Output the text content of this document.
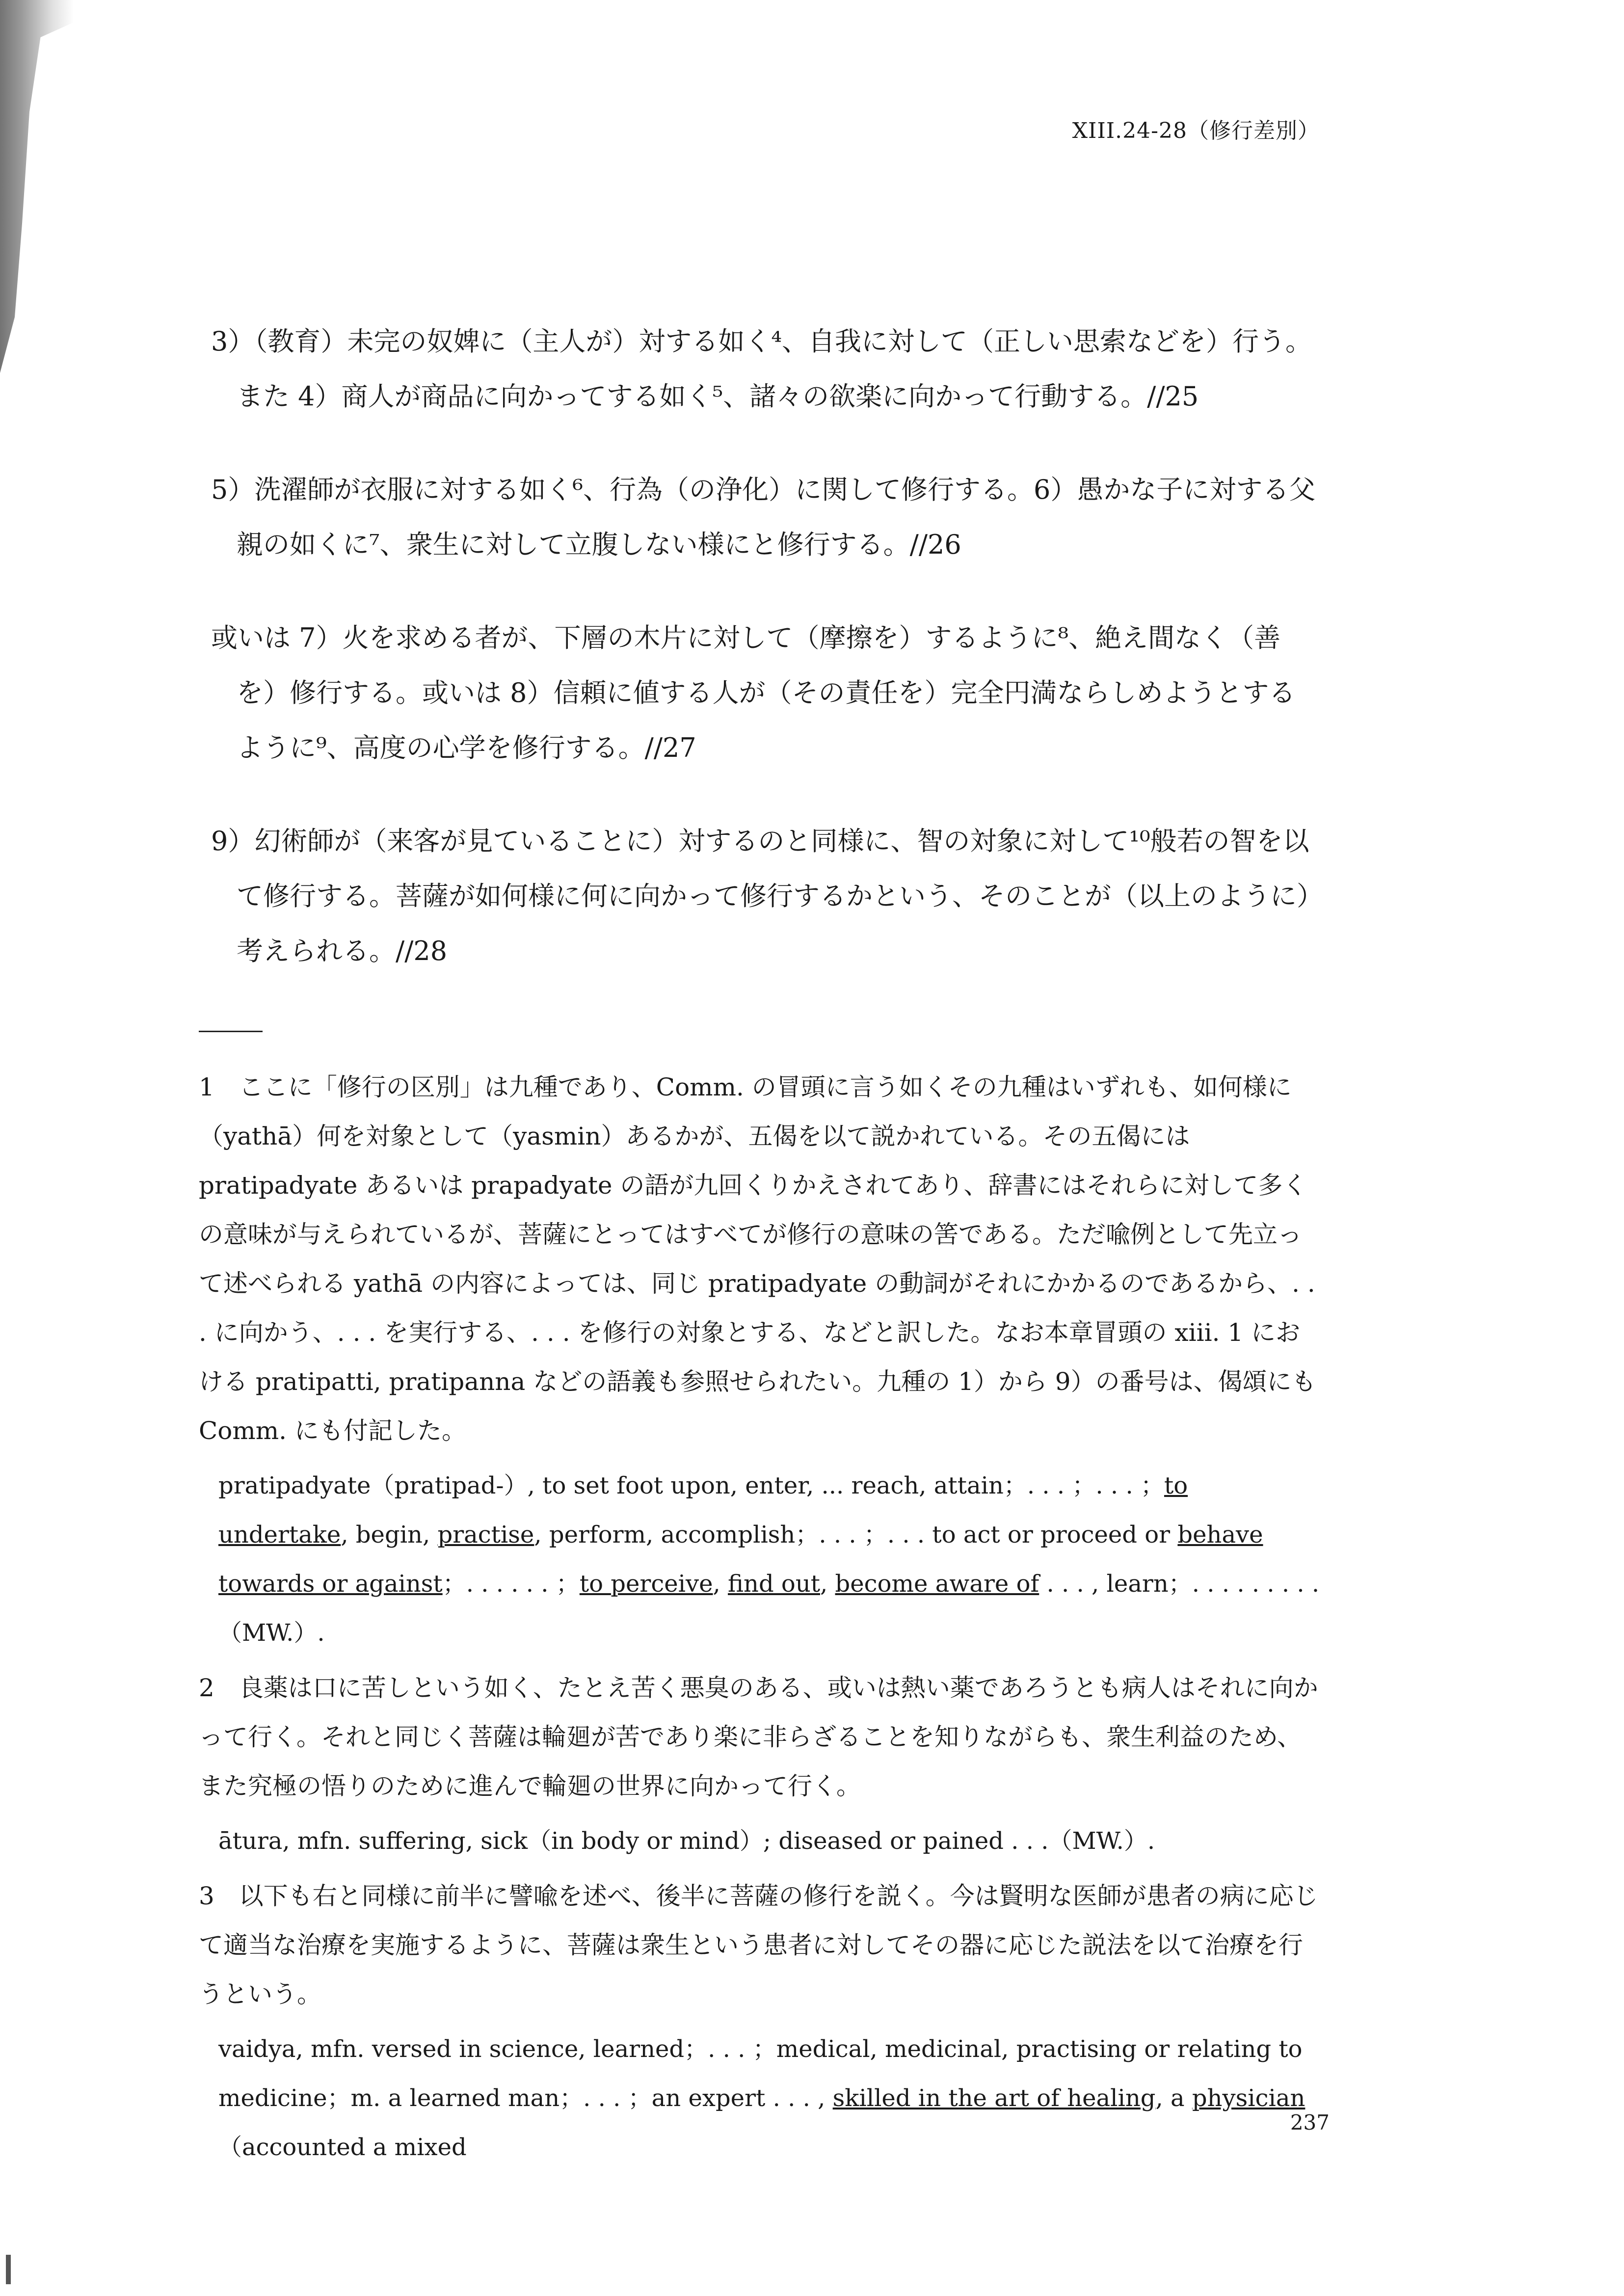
XIII.24-28（修行差別）

3）（教育）未完の奴婢に（主人が）対する如く⁴、自我に対して（正しい思索などを）行う。また 4）商人が商品に向かってする如く⁵、諸々の欲楽に向かって行動する。//25

5）洗濯師が衣服に対する如く⁶、行為（の浄化）に関して修行する。6）愚かな子に対する父親の如くに⁷、衆生に対して立腹しない様にと修行する。//26

或いは 7）火を求める者が、下層の木片に対して（摩擦を）するように⁸、絶え間なく（善を）修行する。或いは 8）信頼に値する人が（その責任を）完全円満ならしめようとするように⁹、高度の心学を修行する。//27

9）幻術師が（来客が見ていることに）対するのと同様に、智の対象に対して¹⁰般若の智を以て修行する。菩薩が如何様に何に向かって修行するかという、そのことが（以上のように）考えられる。//28

1　ここに「修行の区別」は九種であり、Comm. の冒頭に言う如くその九種はいずれも、如何様に（yathā）何を対象として（yasmin）あるかが、五偈を以て説かれている。その五偈には pratipadyate あるいは prapadyate の語が九回くりかえされてあり、辞書にはそれらに対して多くの意味が与えられているが、菩薩にとってはすべてが修行の意味の筈である。ただ喩例として先立って述べられる yathā の内容によっては、同じ pratipadyate の動詞がそれにかかるのであるから、. . . に向かう、. . . を実行する、. . . を修行の対象とする、などと訳した。なお本章冒頭の xiii. 1 における pratipatti, pratipanna などの語義も参照せられたい。九種の 1）から 9）の番号は、偈頌にも Comm. にも付記した。

pratipadyate（pratipad-）, to set foot upon, enter, ... reach, attain；. . . ；. . . ；to undertake, begin, practise, perform, accomplish；. . . ；. . . to act or proceed or behave towards or against；. . . . . . ；to perceive, find out, become aware of . . . , learn；. . . . . . . . .（MW.）.

2　良薬は口に苦しという如く、たとえ苦く悪臭のある、或いは熱い薬であろうとも病人はそれに向かって行く。それと同じく菩薩は輪廻が苦であり楽に非らざることを知りながらも、衆生利益のため、また究極の悟りのために進んで輪廻の世界に向かって行く。

ātura, mfn. suffering, sick（in body or mind）; diseased or pained . . .（MW.）.

3　以下も右と同様に前半に譬喩を述べ、後半に菩薩の修行を説く。今は賢明な医師が患者の病に応じて適当な治療を実施するように、菩薩は衆生という患者に対してその器に応じた説法を以て治療を行うという。

vaidya, mfn. versed in science, learned；. . . ；medical, medicinal, practising or relating to medicine；m. a learned man；. . . ；an expert . . . , skilled in the art of healing, a physician（accounted a mixed

237
